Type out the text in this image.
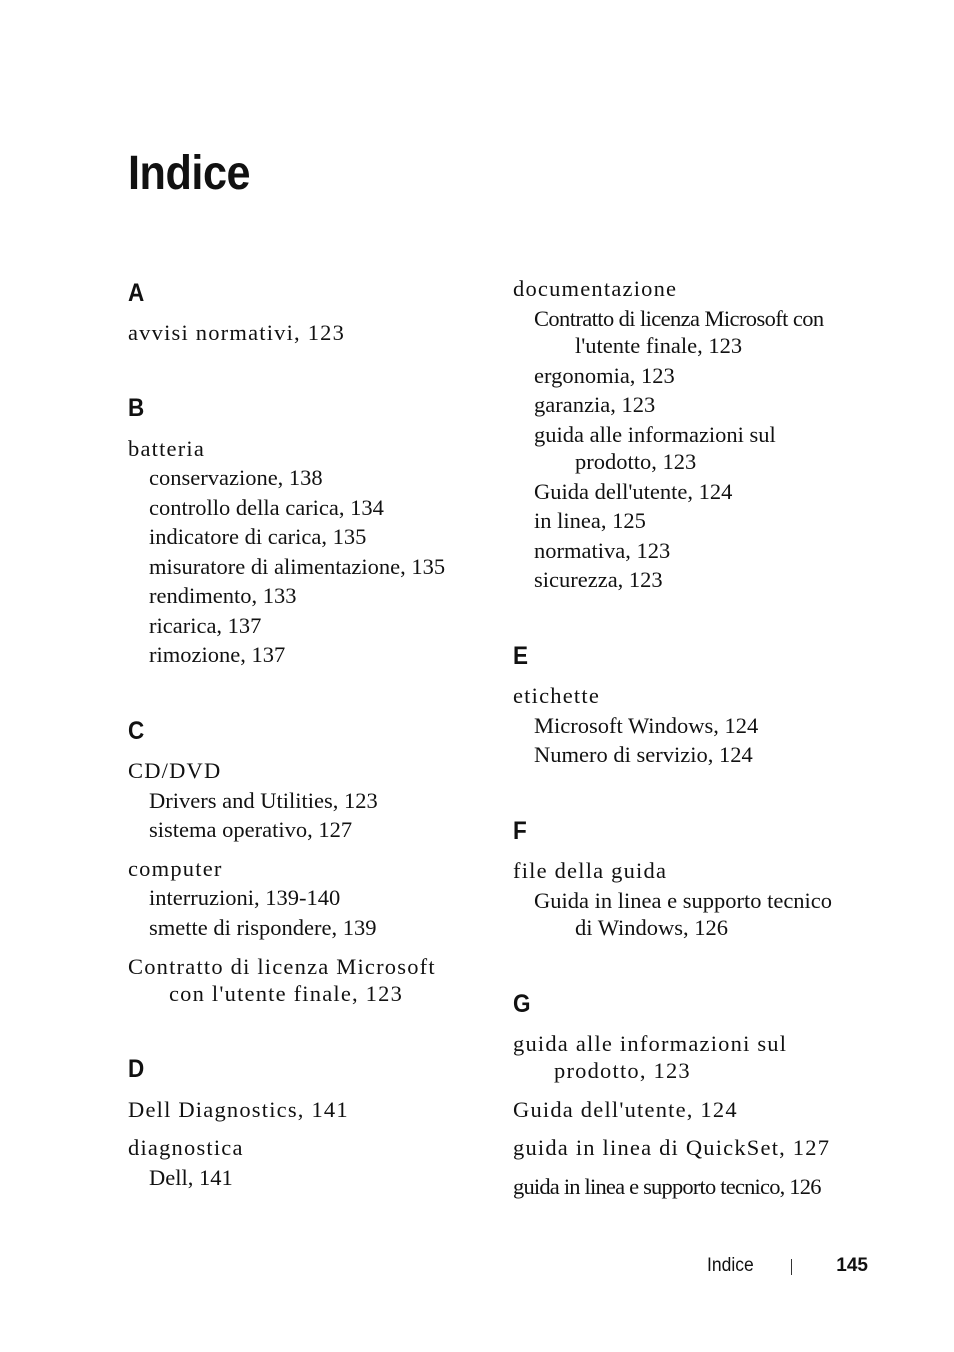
Indice
A
avvisi normativi, 123
B
batteria
conservazione, 138
controllo della carica, 134
indicatore di carica, 135
misuratore di alimentazione, 135
rendimento, 133
ricarica, 137
rimozione, 137
C
CD/DVD
Drivers and Utilities, 123
sistema operativo, 127
computer
interruzioni, 139-140
smette di rispondere, 139
Contratto di licenza Microsoft
con l'utente finale, 123
D
Dell Diagnostics, 141
diagnostica
Dell, 141
documentazione
Contratto di licenza Microsoft con
l'utente finale, 123
ergonomia, 123
garanzia, 123
guida alle informazioni sul
prodotto, 123
Guida dell'utente, 124
in linea, 125
normativa, 123
sicurezza, 123
E
etichette
Microsoft Windows, 124
Numero di servizio, 124
F
file della guida
Guida in linea e supporto tecnico
di Windows, 126
G
guida alle informazioni sul
prodotto, 123
Guida dell'utente, 124
guida in linea di QuickSet, 127
guida in linea e supporto tecnico, 126
Indice	145
